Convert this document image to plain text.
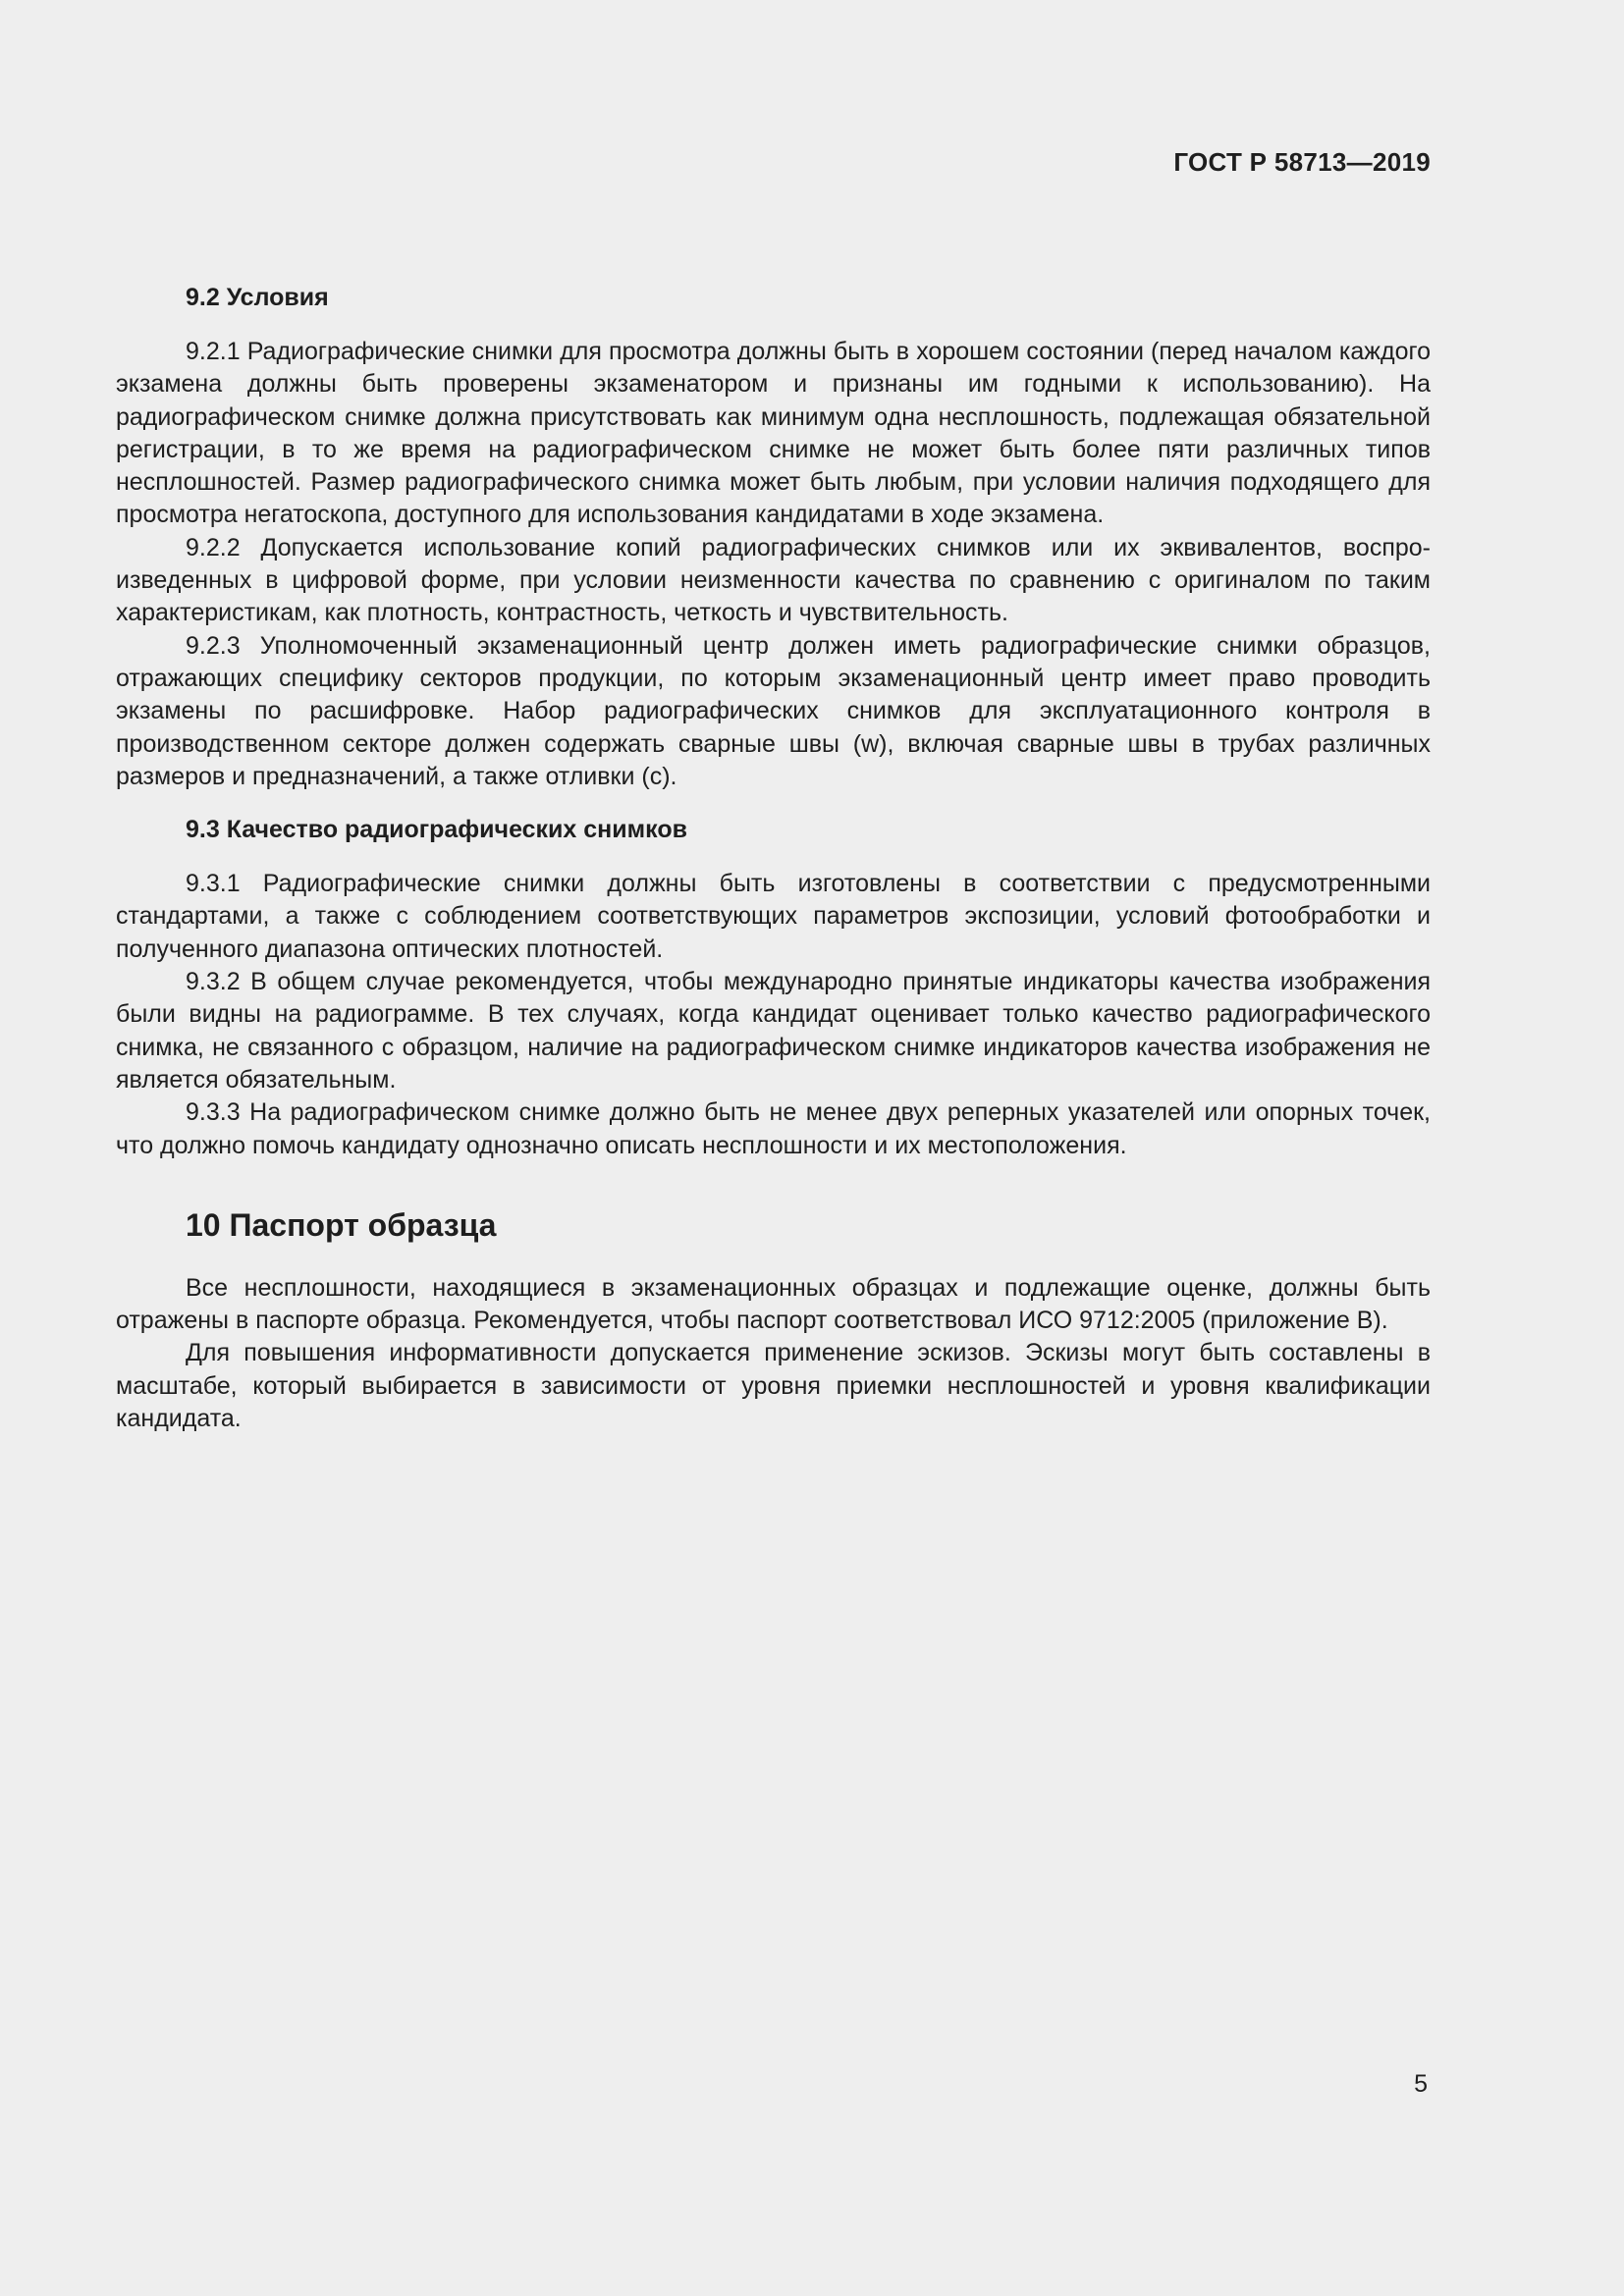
ГОСТ Р 58713—2019
9.2 Условия

9.2.1 Радиографические снимки для просмотра должны быть в хорошем состоянии (перед началом каждого экзамена должны быть проверены экзаменатором и признаны им годными к использованию). На радиографическом снимке должна присутствовать как минимум одна несплошность, подлежащая обязательной регистрации, в то же время на радиографическом снимке не может быть более пяти различных типов несплошностей. Размер радиографического снимка может быть любым, при условии наличия подходящего для просмотра негатоскопа, доступного для использования кандидатами в ходе экзамена.

9.2.2 Допускается использование копий радиографических снимков или их эквивалентов, воспроизведенных в цифровой форме, при условии неизменности качества по сравнению с оригиналом по таким характеристикам, как плотность, контрастность, четкость и чувствительность.

9.2.3 Уполномоченный экзаменационный центр должен иметь радиографические снимки образцов, отражающих специфику секторов продукции, по которым экзаменационный центр имеет право проводить экзамены по расшифровке. Набор радиографических снимков для эксплуатационного контроля в производственном секторе должен содержать сварные швы (w), включая сварные швы в трубах различных размеров и предназначений, а также отливки (с).

9.3 Качество радиографических снимков

9.3.1 Радиографические снимки должны быть изготовлены в соответствии с предусмотренными стандартами, а также с соблюдением соответствующих параметров экспозиции, условий фотообработки и полученного диапазона оптических плотностей.

9.3.2 В общем случае рекомендуется, чтобы международно принятые индикаторы качества изображения были видны на радиограмме. В тех случаях, когда кандидат оценивает только качество радиографического снимка, не связанного с образцом, наличие на радиографическом снимке индикаторов качества изображения не является обязательным.

9.3.3 На радиографическом снимке должно быть не менее двух реперных указателей или опорных точек, что должно помочь кандидату однозначно описать несплошности и их местоположения.

10 Паспорт образца

Все несплошности, находящиеся в экзаменационных образцах и подлежащие оценке, должны быть отражены в паспорте образца. Рекомендуется, чтобы паспорт соответствовал ИСО 9712:2005 (приложение В).

Для повышения информативности допускается применение эскизов. Эскизы могут быть составлены в масштабе, который выбирается в зависимости от уровня приемки несплошностей и уровня квалификации кандидата.

5
